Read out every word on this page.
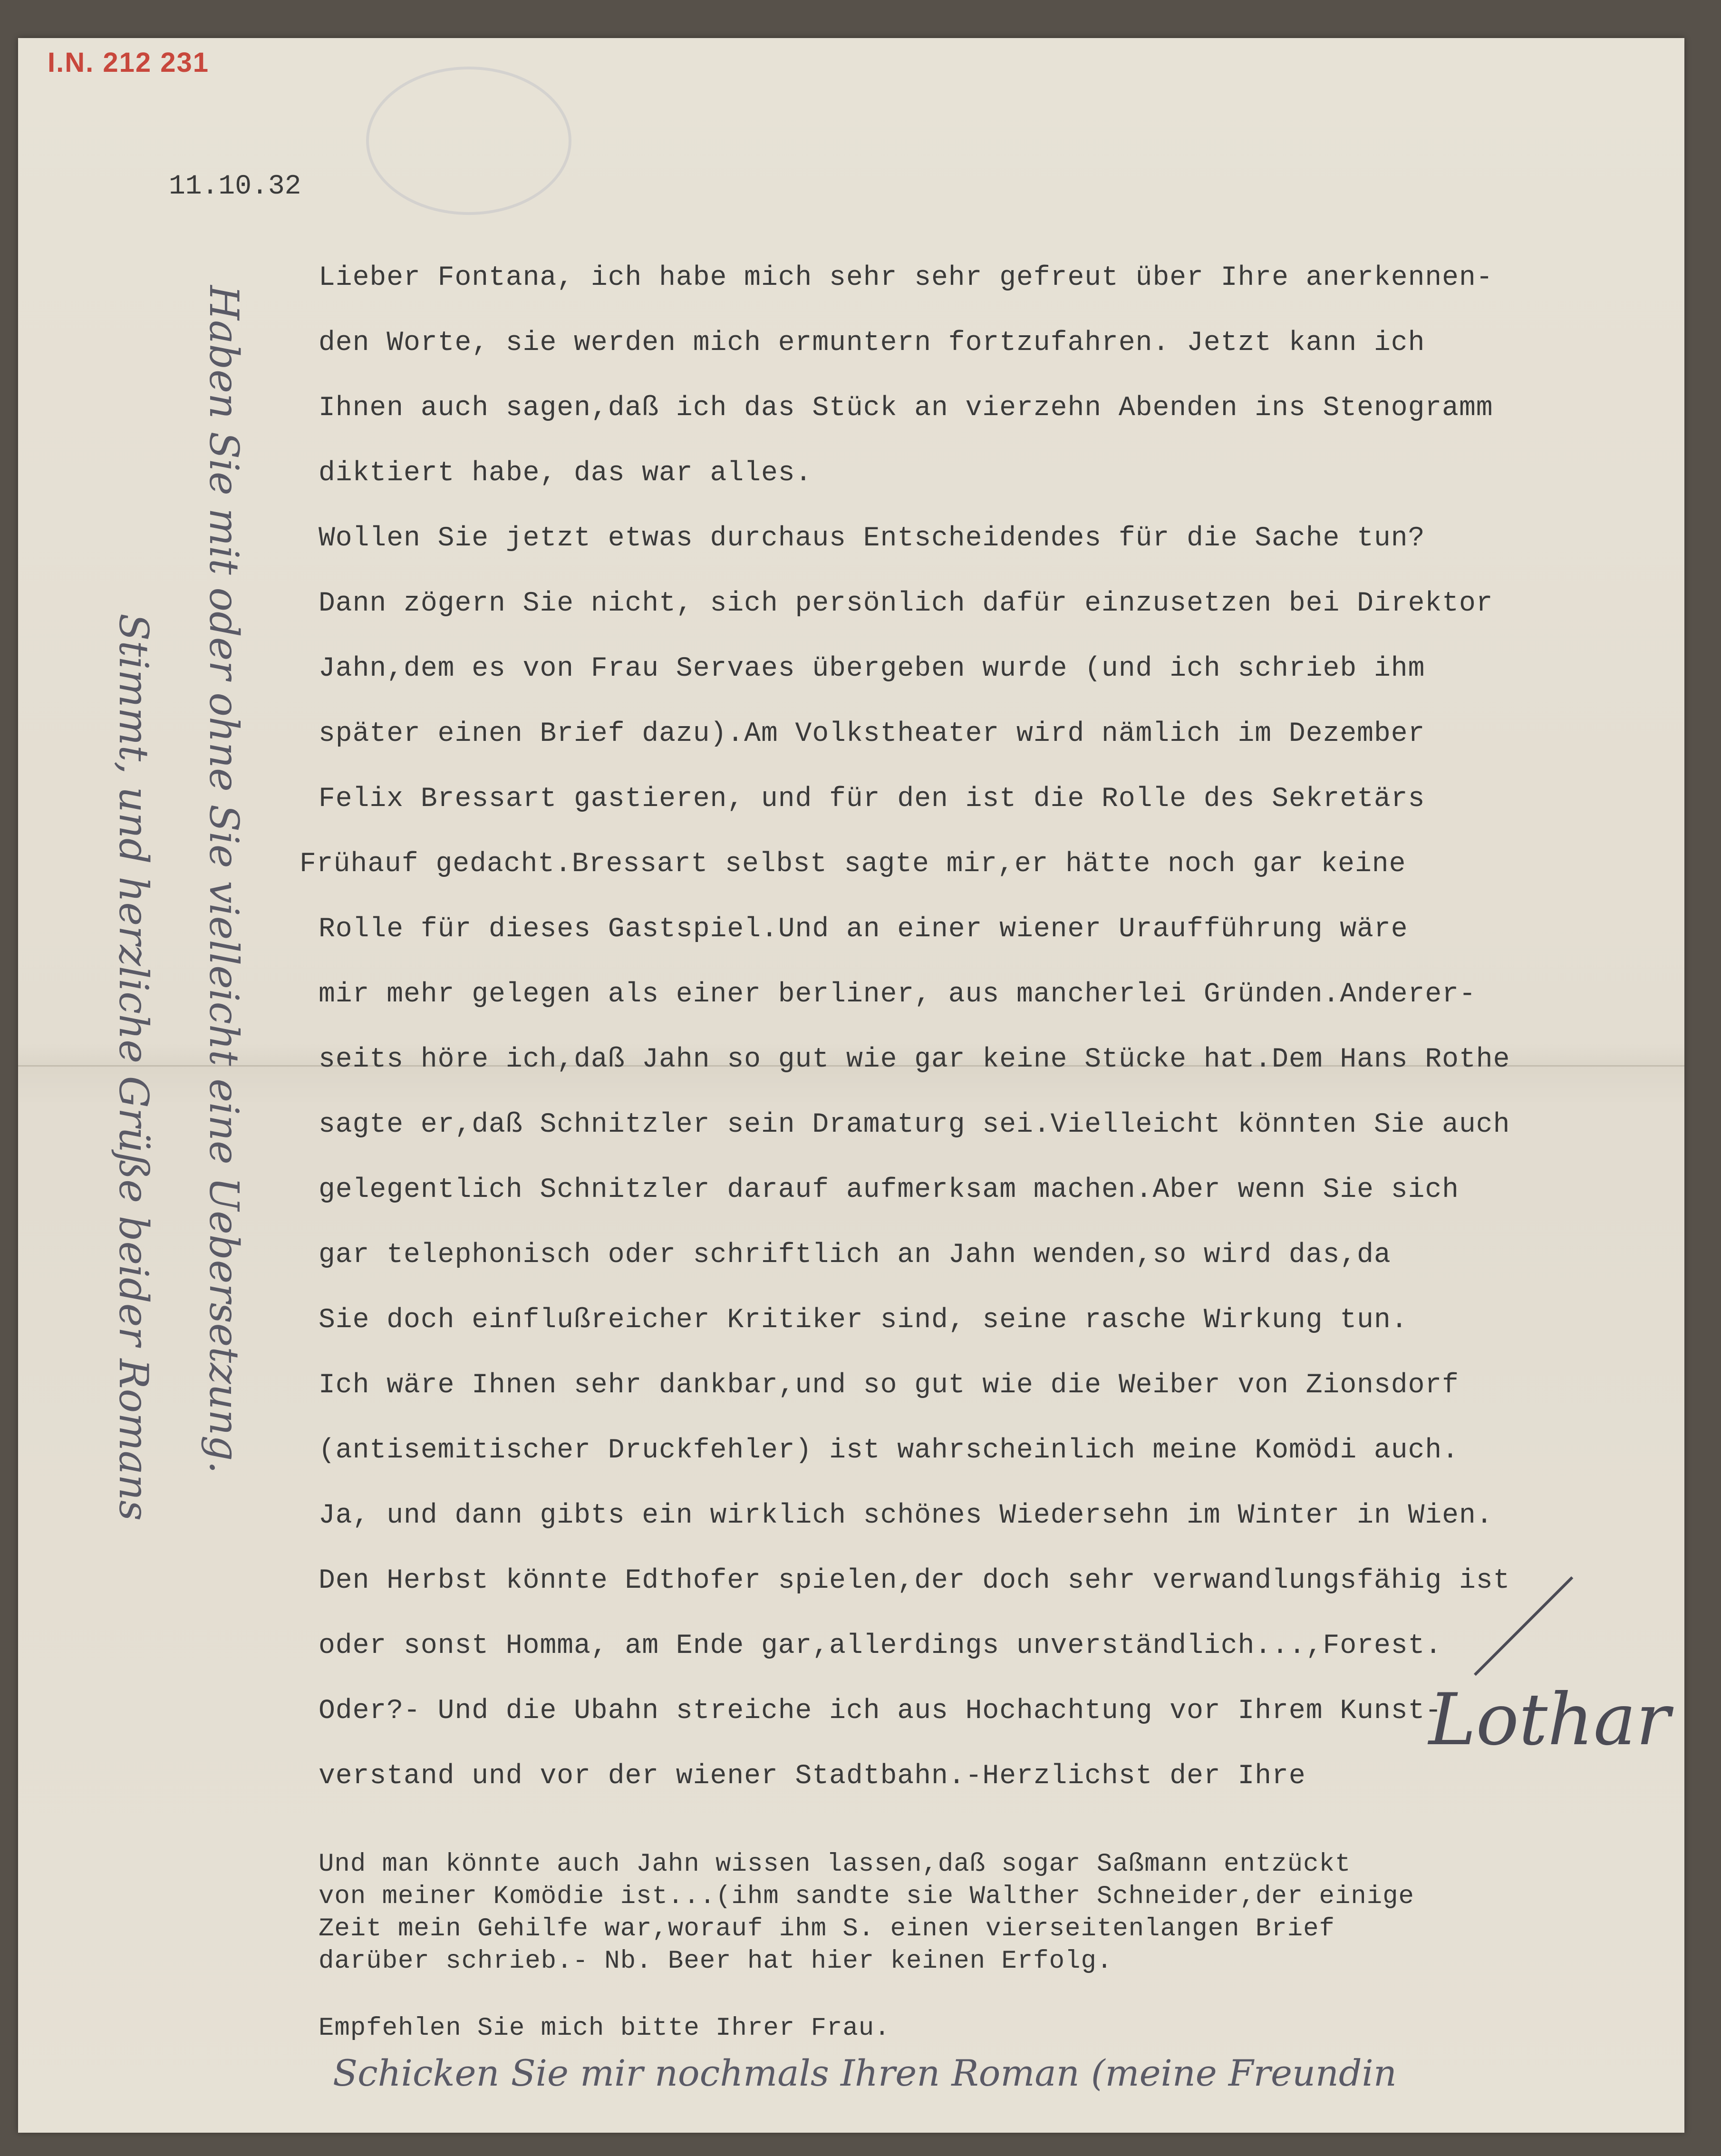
I.N. 212 231
11.10.32
Lieber Fontana, ich habe mich sehr sehr gefreut über Ihre anerkennen-
den Worte, sie werden mich ermuntern fortzufahren. Jetzt kann ich
Ihnen auch sagen,daß ich das Stück an vierzehn Abenden ins Stenogramm
diktiert habe, das war alles.
Wollen Sie jetzt etwas durchaus Entscheidendes für die Sache tun?
Dann zögern Sie nicht, sich persönlich dafür einzusetzen bei Direktor
Jahn,dem es von Frau Servaes übergeben wurde (und ich schrieb ihm
später einen Brief dazu).Am Volkstheater wird nämlich im Dezember
Felix Bressart gastieren, und für den ist die Rolle des Sekretärs
Frühauf gedacht.Bressart selbst sagte mir,er hätte noch gar keine
Rolle für dieses Gastspiel.Und an einer wiener Uraufführung wäre
mir mehr gelegen als einer berliner, aus mancherlei Gründen.Anderer-
seits höre ich,daß Jahn so gut wie gar keine Stücke hat.Dem Hans Rothe
sagte er,daß Schnitzler sein Dramaturg sei.Vielleicht könnten Sie auch
gelegentlich Schnitzler darauf aufmerksam machen.Aber wenn Sie sich
gar telephonisch oder schriftlich an Jahn wenden,so wird das,da
Sie doch einflußreicher Kritiker sind, seine rasche Wirkung tun.
Ich wäre Ihnen sehr dankbar,und so gut wie die Weiber von Zionsdorf
(antisemitischer Druckfehler) ist wahrscheinlich meine Komödi auch.
Ja, und dann gibts ein wirklich schönes Wiedersehn im Winter in Wien.
Den Herbst könnte Edthofer spielen,der doch sehr verwandlungsfähig ist
oder sonst Homma, am Ende gar,allerdings unverständlich...,Forest.
Oder?- Und die Ubahn streiche ich aus Hochachtung vor Ihrem Kunst-
verstand und vor der wiener Stadtbahn.-Herzlichst der Ihre
Und man könnte auch Jahn wissen lassen,daß sogar Saßmann entzückt
von meiner Komödie ist...(ihm sandte sie Walther Schneider,der einige
Zeit mein Gehilfe war,worauf ihm S. einen vierseitenlangen Brief
darüber schrieb.- Nb. Beer hat hier keinen Erfolg.
Empfehlen Sie mich bitte Ihrer Frau.
Haben Sie mit oder ohne Sie vielleicht eine Uebersetzung.
Stimmt, und herzliche Grüße beider Romans
Lothar
Schicken Sie mir nochmals Ihren Roman (meine Freundin
